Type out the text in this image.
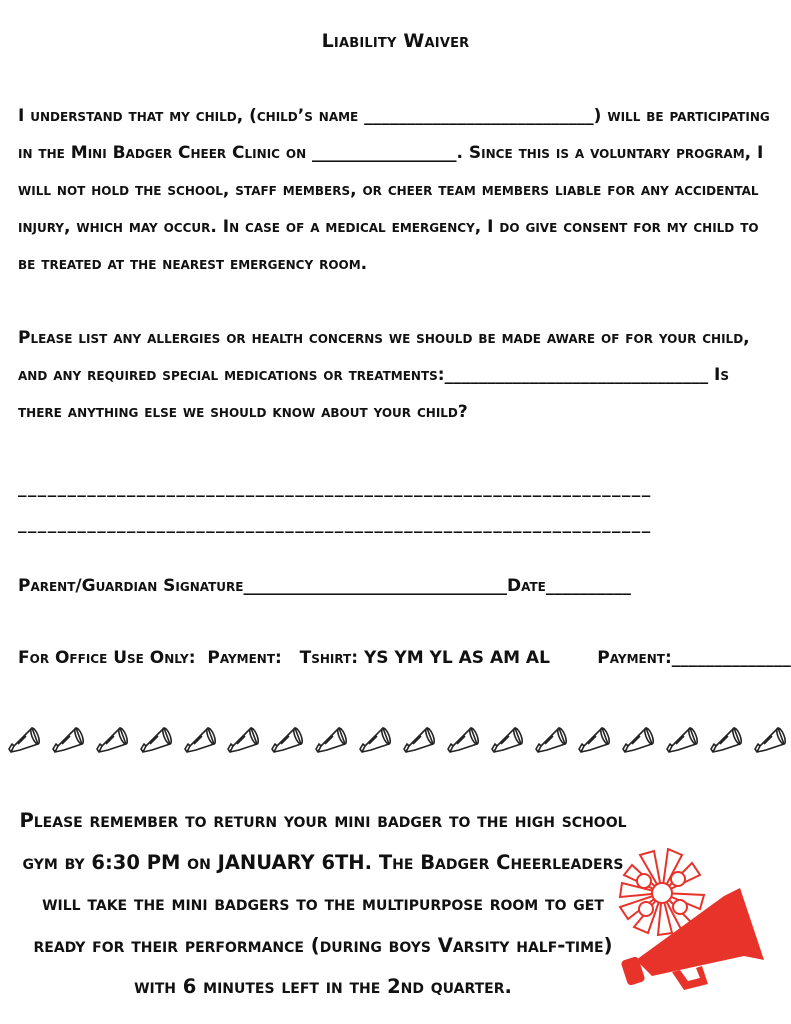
Liability Waiver
I understand that my child, (child’s name ___________________________) will be participating in the Mini Badger Cheer Clinic on _________________. Since this is a voluntary program, I will not hold the school, staff members, or cheer team members liable for any accidental injury, which may occur. In case of a medical emergency, I do give consent for my child to be treated at the nearest emergency room.
Please list any allergies or health concerns we should be made aware of for your child, and any required special medications or treatments:_______________________________ Is there anything else we should know about your child?
________________________________________________________________
________________________________________________________________
Parent/Guardian Signature_______________________________Date__________
For Office Use Only: Payment: Tshirt: YS YM YL AS AM AL	Payment:______________
Please remember to return your mini badger to the high school gym by 6:30 PM on JANUARY 6TH. The Badger Cheerleaders will take the mini badgers to the multipurpose room to get ready for their performance (during boys Varsity half-time) with 6 minutes left in the 2nd quarter.
